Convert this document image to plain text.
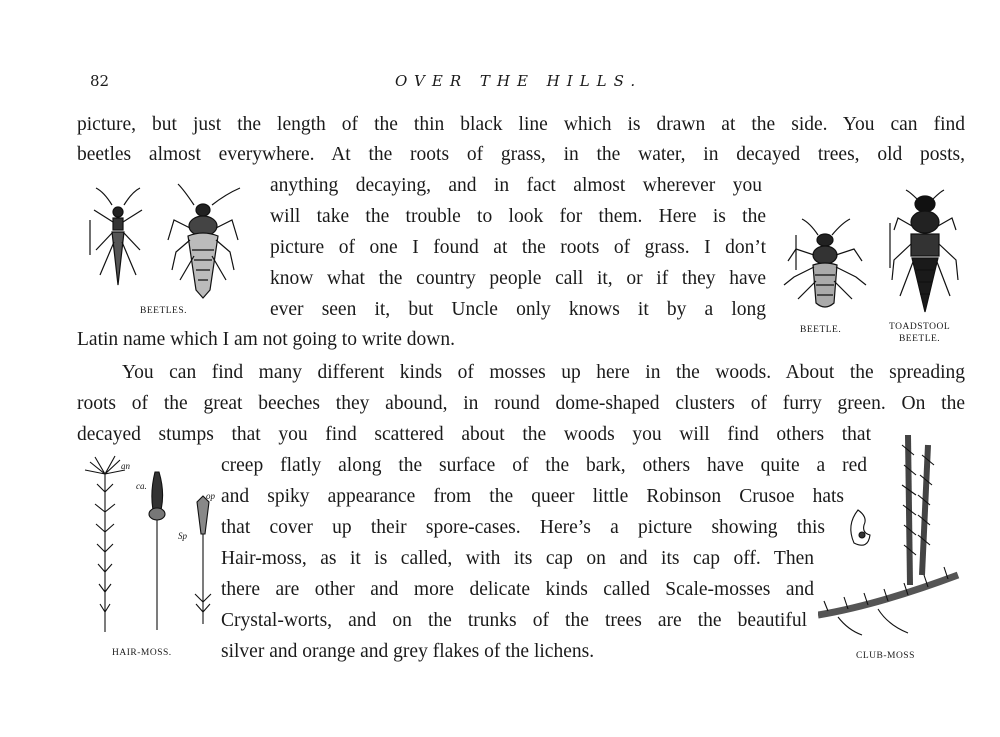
82	OVER THE HILLS.
picture, but just the length of the thin black line which is drawn at the side. You can find
beetles almost everywhere. At the roots of grass, in the water, in decayed trees, old posts,
anything decaying, and in fact almost wherever you
will take the trouble to look for them. Here is the
picture of one I found at the roots of grass. I don’t
know what the country people call it, or if they have
ever seen it, but Uncle only knows it by a long
Latin name which I am not going to write down.
You can find many different kinds of mosses up here in the woods. About the spreading
roots of the great beeches they abound, in round dome-shaped clusters of furry green. On the
decayed stumps that you find scattered about the woods you will find others that
creep flatly along the surface of the bark, others have quite a red
and spiky appearance from the queer little Robinson Crusoe hats
that cover up their spore-cases. Here’s a picture showing this
Hair-moss, as it is called, with its cap on and its cap off. Then
there are other and more delicate kinds called Scale-mosses and
Crystal-worts, and on the trunks of the trees are the beautiful
silver and orange and grey flakes of the lichens.
BEETLES.
BEETLE.	TOADSTOOL
BEETLE.
an
ca.
op
Sp
HAIR-MOSS.	CLUB-MOSS
